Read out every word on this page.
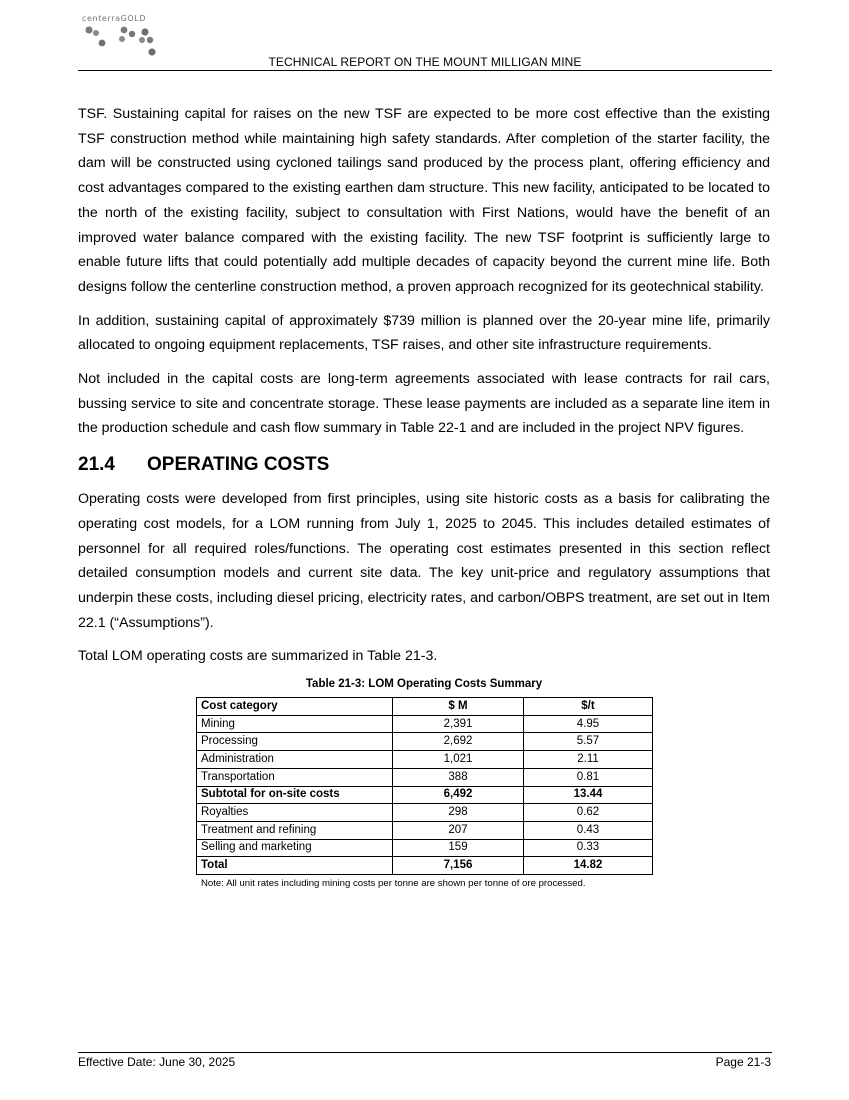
centerraGOLD
TECHNICAL REPORT ON THE MOUNT MILLIGAN MINE

TSF. Sustaining capital for raises on the new TSF are expected to be more cost effective than the existing TSF construction method while maintaining high safety standards. After completion of the starter facility, the dam will be constructed using cycloned tailings sand produced by the process plant, offering efficiency and cost advantages compared to the existing earthen dam structure. This new facility, anticipated to be located to the north of the existing facility, subject to consultation with First Nations, would have the benefit of an improved water balance compared with the existing facility. The new TSF footprint is sufficiently large to enable future lifts that could potentially add multiple decades of capacity beyond the current mine life. Both designs follow the centerline construction method, a proven approach recognized for its geotechnical stability.

In addition, sustaining capital of approximately $739 million is planned over the 20-year mine life, primarily allocated to ongoing equipment replacements, TSF raises, and other site infrastructure requirements.

Not included in the capital costs are long-term agreements associated with lease contracts for rail cars, bussing service to site and concentrate storage. These lease payments are included as a separate line item in the production schedule and cash flow summary in Table 22-1 and are included in the project NPV figures.

21.4 OPERATING COSTS

Operating costs were developed from first principles, using site historic costs as a basis for calibrating the operating cost models, for a LOM running from July 1, 2025 to 2045. This includes detailed estimates of personnel for all required roles/functions. The operating cost estimates presented in this section reflect detailed consumption models and current site data. The key unit-price and regulatory assumptions that underpin these costs, including diesel pricing, electricity rates, and carbon/OBPS treatment, are set out in Item 22.1 (“Assumptions”).

Total LOM operating costs are summarized in Table 21-3.

Table 21-3: LOM Operating Costs Summary
Cost category	$ M	$/t
Mining	2,391	4.95
Processing	2,692	5.57
Administration	1,021	2.11
Transportation	388	0.81
Subtotal for on-site costs	6,492	13.44
Royalties	298	0.62
Treatment and refining	207	0.43
Selling and marketing	159	0.33
Total	7,156	14.82
Note: All unit rates including mining costs per tonne are shown per tonne of ore processed.
Effective Date: June 30, 2025	Page 21-3
